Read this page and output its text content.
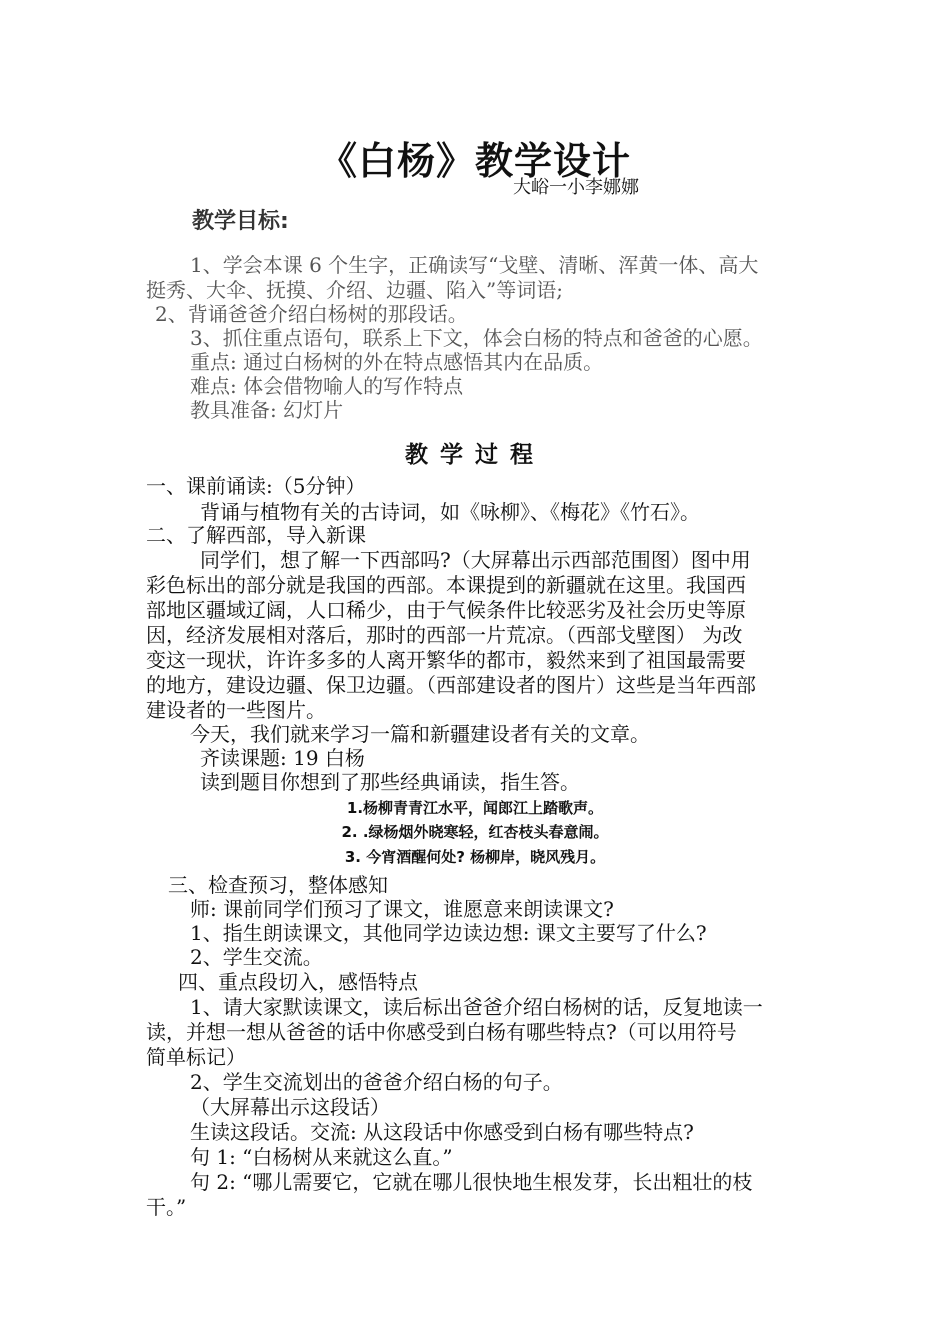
《白杨》教学设计
大峪一小李娜娜
教学目标:
1、学会本课 6 个生字，正确读写“戈壁、清晰、浑黄一体、高大
挺秀、大伞、抚摸、介绍、边疆、陷入”等词语;
2、背诵爸爸介绍白杨树的那段话。
3、抓住重点语句，联系上下文，体会白杨的特点和爸爸的心愿。
重点: 通过白杨树的外在特点感悟其内在品质。
难点: 体会借物喻人的写作特点
教具准备: 幻灯片
教学过程
一、课前诵读:（5分钟）
背诵与植物有关的古诗词，如《咏柳》、《梅花》《竹石》。
二、了解西部，导入新课
同学们，想了解一下西部吗?（大屏幕出示西部范围图）图中用
彩色标出的部分就是我国的西部。本课提到的新疆就在这里。我国西
部地区疆域辽阔，人口稀少，由于气候条件比较恶劣及社会历史等原
因，经济发展相对落后，那时的西部一片荒凉。（西部戈壁图） 为改
变这一现状，许许多多的人离开繁华的都市，毅然来到了祖国最需要
的地方，建设边疆、保卫边疆。（西部建设者的图片）这些是当年西部
建设者的一些图片。
今天，我们就来学习一篇和新疆建设者有关的文章。
齐读课题: 19 白杨
读到题目你想到了那些经典诵读，指生答。
1.杨柳青青江水平，闻郎江上踏歌声。
2. .绿杨烟外晓寒轻，红杏枝头春意闹。
3. 今宵酒醒何处? 杨柳岸，晓风残月。
三、检查预习，整体感知
师: 课前同学们预习了课文，谁愿意来朗读课文?
1、指生朗读课文，其他同学边读边想: 课文主要写了什么?
2、学生交流。
四、重点段切入，感悟特点
1、请大家默读课文，读后标出爸爸介绍白杨树的话，反复地读一
读，并想一想从爸爸的话中你感受到白杨有哪些特点?（可以用符号
简单标记）
2、学生交流划出的爸爸介绍白杨的句子。
（大屏幕出示这段话）
生读这段话。交流: 从这段话中你感受到白杨有哪些特点?
句 1: “白杨树从来就这么直。”
句 2: “哪儿需要它，它就在哪儿很快地生根发芽，长出粗壮的枝
干。”
